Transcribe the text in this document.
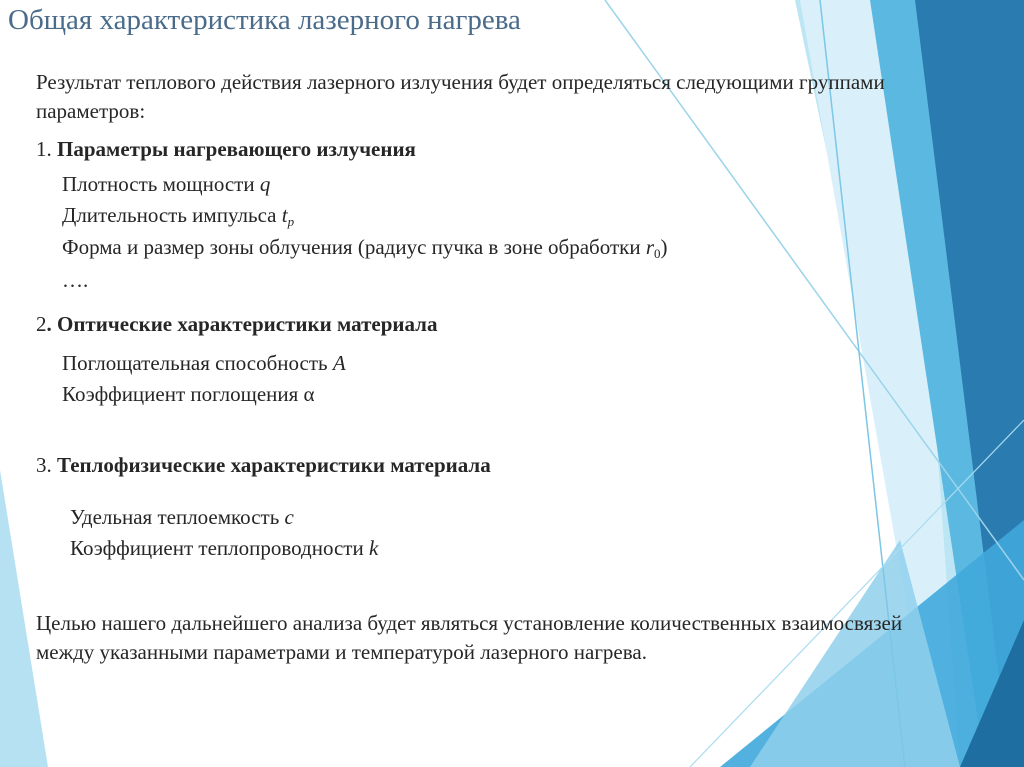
Общая характеристика лазерного нагрева
Результат теплового действия лазерного излучения будет определяться следующими группами параметров:
1. Параметры нагревающего излучения
Плотность мощности q
Длительность импульса $t_p$
Форма и размер зоны облучения (радиус пучка в зоне обработки $r_0$)
….
2. Оптические характеристики материала
Поглощательная способность A
Коэффициент поглощения α
3. Теплофизические характеристики материала
Удельная теплоемкость c
Коэффициент теплопроводности k
Целью нашего дальнейшего анализа будет являться установление количественных взаимосвязей между указанными параметрами и температурой лазерного нагрева.
